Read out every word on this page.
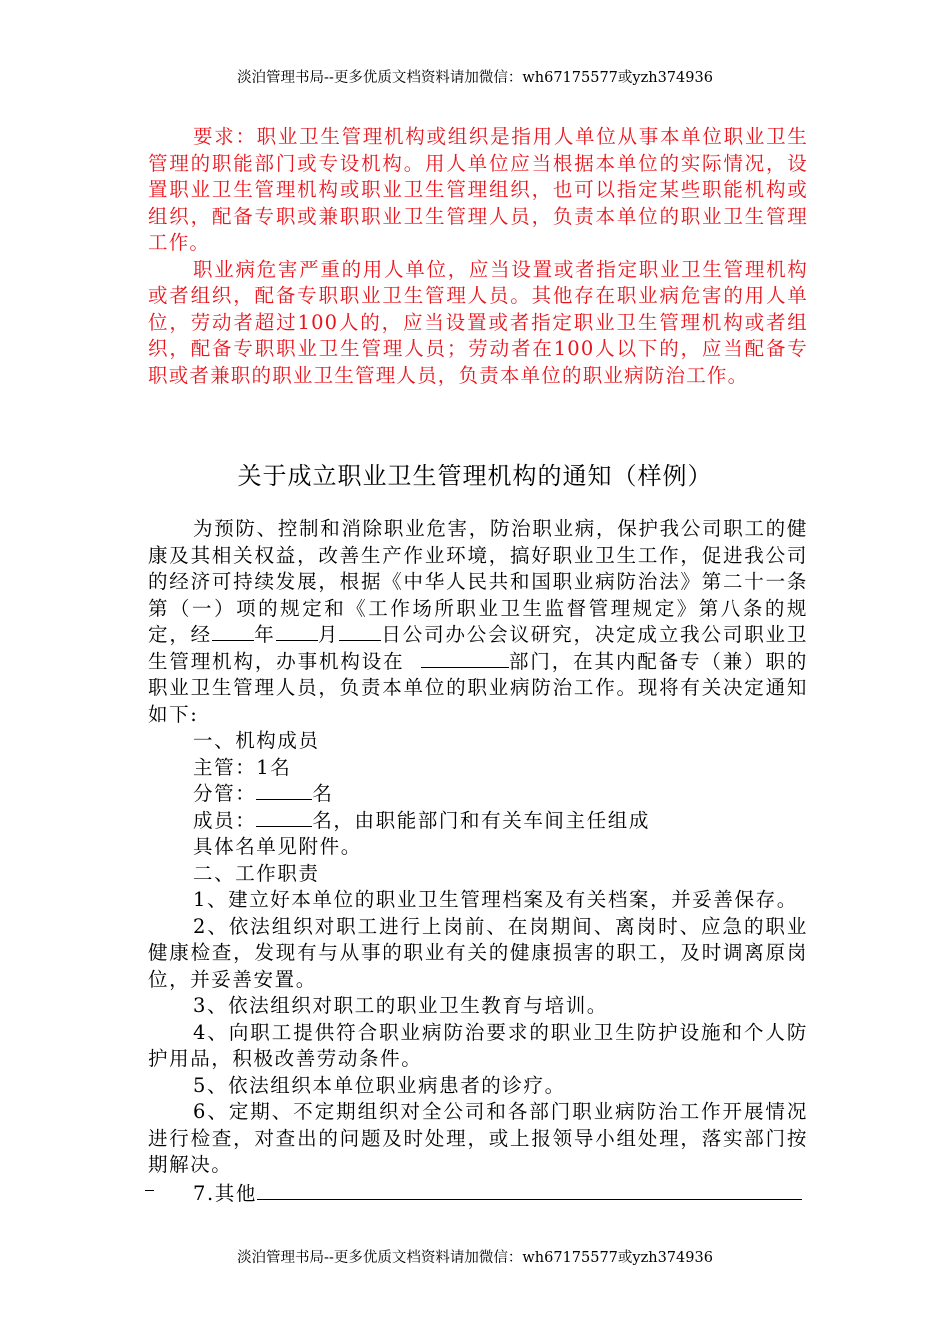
淡泊管理书局--更多优质文档资料请加微信：wh67175577或yzh374936

要求：职业卫生管理机构或组织是指用人单位从事本单位职业卫生管理的职能部门或专设机构。用人单位应当根据本单位的实际情况，设置职业卫生管理机构或职业卫生管理组织，也可以指定某些职能机构或组织，配备专职或兼职职业卫生管理人员，负责本单位的职业卫生管理工作。

职业病危害严重的用人单位，应当设置或者指定职业卫生管理机构或者组织，配备专职职业卫生管理人员。其他存在职业病危害的用人单位，劳动者超过100人的，应当设置或者指定职业卫生管理机构或者组织，配备专职职业卫生管理人员；劳动者在100人以下的，应当配备专职或者兼职的职业卫生管理人员，负责本单位的职业病防治工作。

关于成立职业卫生管理机构的通知（样例）

为预防、控制和消除职业危害，防治职业病，保护我公司职工的健康及其相关权益，改善生产作业环境，搞好职业卫生工作，促进我公司的经济可持续发展，根据《中华人民共和国职业病防治法》第二十一条第（一）项的规定和《工作场所职业卫生监督管理规定》第八条的规定，经 年 月 日公司办公会议研究，决定成立我公司职业卫生管理机构，办事机构设在	部门，在其内配备专（兼）职的职业卫生管理人员，负责本单位的职业病防治工作。现将有关决定通知如下:

一、机构成员

主管：1名

分管：	名

成员：	名，由职能部门和有关车间主任组成

具体名单见附件。

二、工作职责

1、建立好本单位的职业卫生管理档案及有关档案，并妥善保存。

2、依法组织对职工进行上岗前、在岗期间、离岗时、应急的职业健康检查，发现有与从事的职业有关的健康损害的职工，及时调离原岗位，并妥善安置。

3、依法组织对职工的职业卫生教育与培训。

4、向职工提供符合职业病防治要求的职业卫生防护设施和个人防护用品，积极改善劳动条件。

5、依法组织本单位职业病患者的诊疗。

6、定期、不定期组织对全公司和各部门职业病防治工作开展情况进行检查，对查出的问题及时处理，或上报领导小组处理，落实部门按期解决。

7.其他

淡泊管理书局--更多优质文档资料请加微信：wh67175577或yzh374936
